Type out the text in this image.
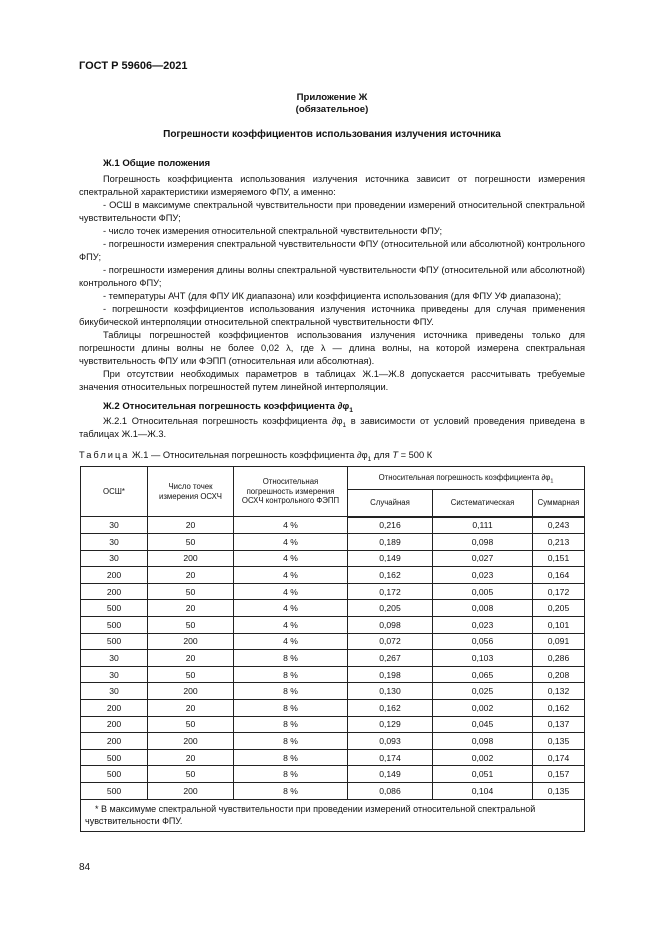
ГОСТ Р 59606—2021
Приложение Ж
(обязательное)
Погрешности коэффициентов использования излучения источника
Ж.1 Общие положения

Погрешность коэффициента использования излучения источника зависит от погрешности измерения спектральной характеристики измеряемого ФПУ, а именно:

- ОСШ в максимуме спектральной чувствительности при проведении измерений относительной спектральной чувствительности ФПУ;

- число точек измерения относительной спектральной чувствительности ФПУ;

- погрешности измерения спектральной чувствительности ФПУ (относительной или абсолютной) контрольного ФПУ;

- погрешности измерения длины волны спектральной чувствительности ФПУ (относительной или абсолютной) контрольного ФПУ;

- температуры АЧТ (для ФПУ ИК диапазона) или коэффициента использования (для ФПУ УФ диапазона);

- погрешности коэффициентов использования излучения источника приведены для случая применения бикубической интерполяции относительной спектральной чувствительности ФПУ.

Таблицы погрешностей коэффициентов использования излучения источника приведены только для погрешности длины волны не более 0,02 λ, где λ — длина волны, на которой измерена спектральная чувствительность ФПУ или ФЭПП (относительная или абсолютная).

При отсутствии необходимых параметров в таблицах Ж.1—Ж.8 допускается рассчитывать требуемые значения относительных погрешностей путем линейной интерполяции.

Ж.2 Относительная погрешность коэффициента $\partial\varphi_1$

Ж.2.1 Относительная погрешность коэффициента $\partial\varphi_1$ в зависимости от условий проведения приведена в таблицах Ж.1—Ж.3.

Таблица Ж.1 — Относительная погрешность коэффициента $\partial\varphi_1$ для T = 500 К
ОСШ*	Число точек измерения ОСХЧ	Относительная погрешность измерения ОСХЧ контрольного ФЭПП	Относительная погрешность коэффициента $\partial\varphi_1$
			Случайная	Систематическая	Суммарная
30	20	4 %	0,216	0,111	0,243
30	50	4 %	0,189	0,098	0,213
30	200	4 %	0,149	0,027	0,151
200	20	4 %	0,162	0,023	0,164
200	50	4 %	0,172	0,005	0,172
500	20	4 %	0,205	0,008	0,205
500	50	4 %	0,098	0,023	0,101
500	200	4 %	0,072	0,056	0,091
30	20	8 %	0,267	0,103	0,286
30	50	8 %	0,198	0,065	0,208
30	200	8 %	0,130	0,025	0,132
200	20	8 %	0,162	0,002	0,162
200	50	8 %	0,129	0,045	0,137
200	200	8 %	0,093	0,098	0,135
500	20	8 %	0,174	0,002	0,174
500	50	8 %	0,149	0,051	0,157
500	200	8 %	0,086	0,104	0,135
* В максимуме спектральной чувствительности при проведении измерений относительной спектральной чувствительности ФПУ.					
84
